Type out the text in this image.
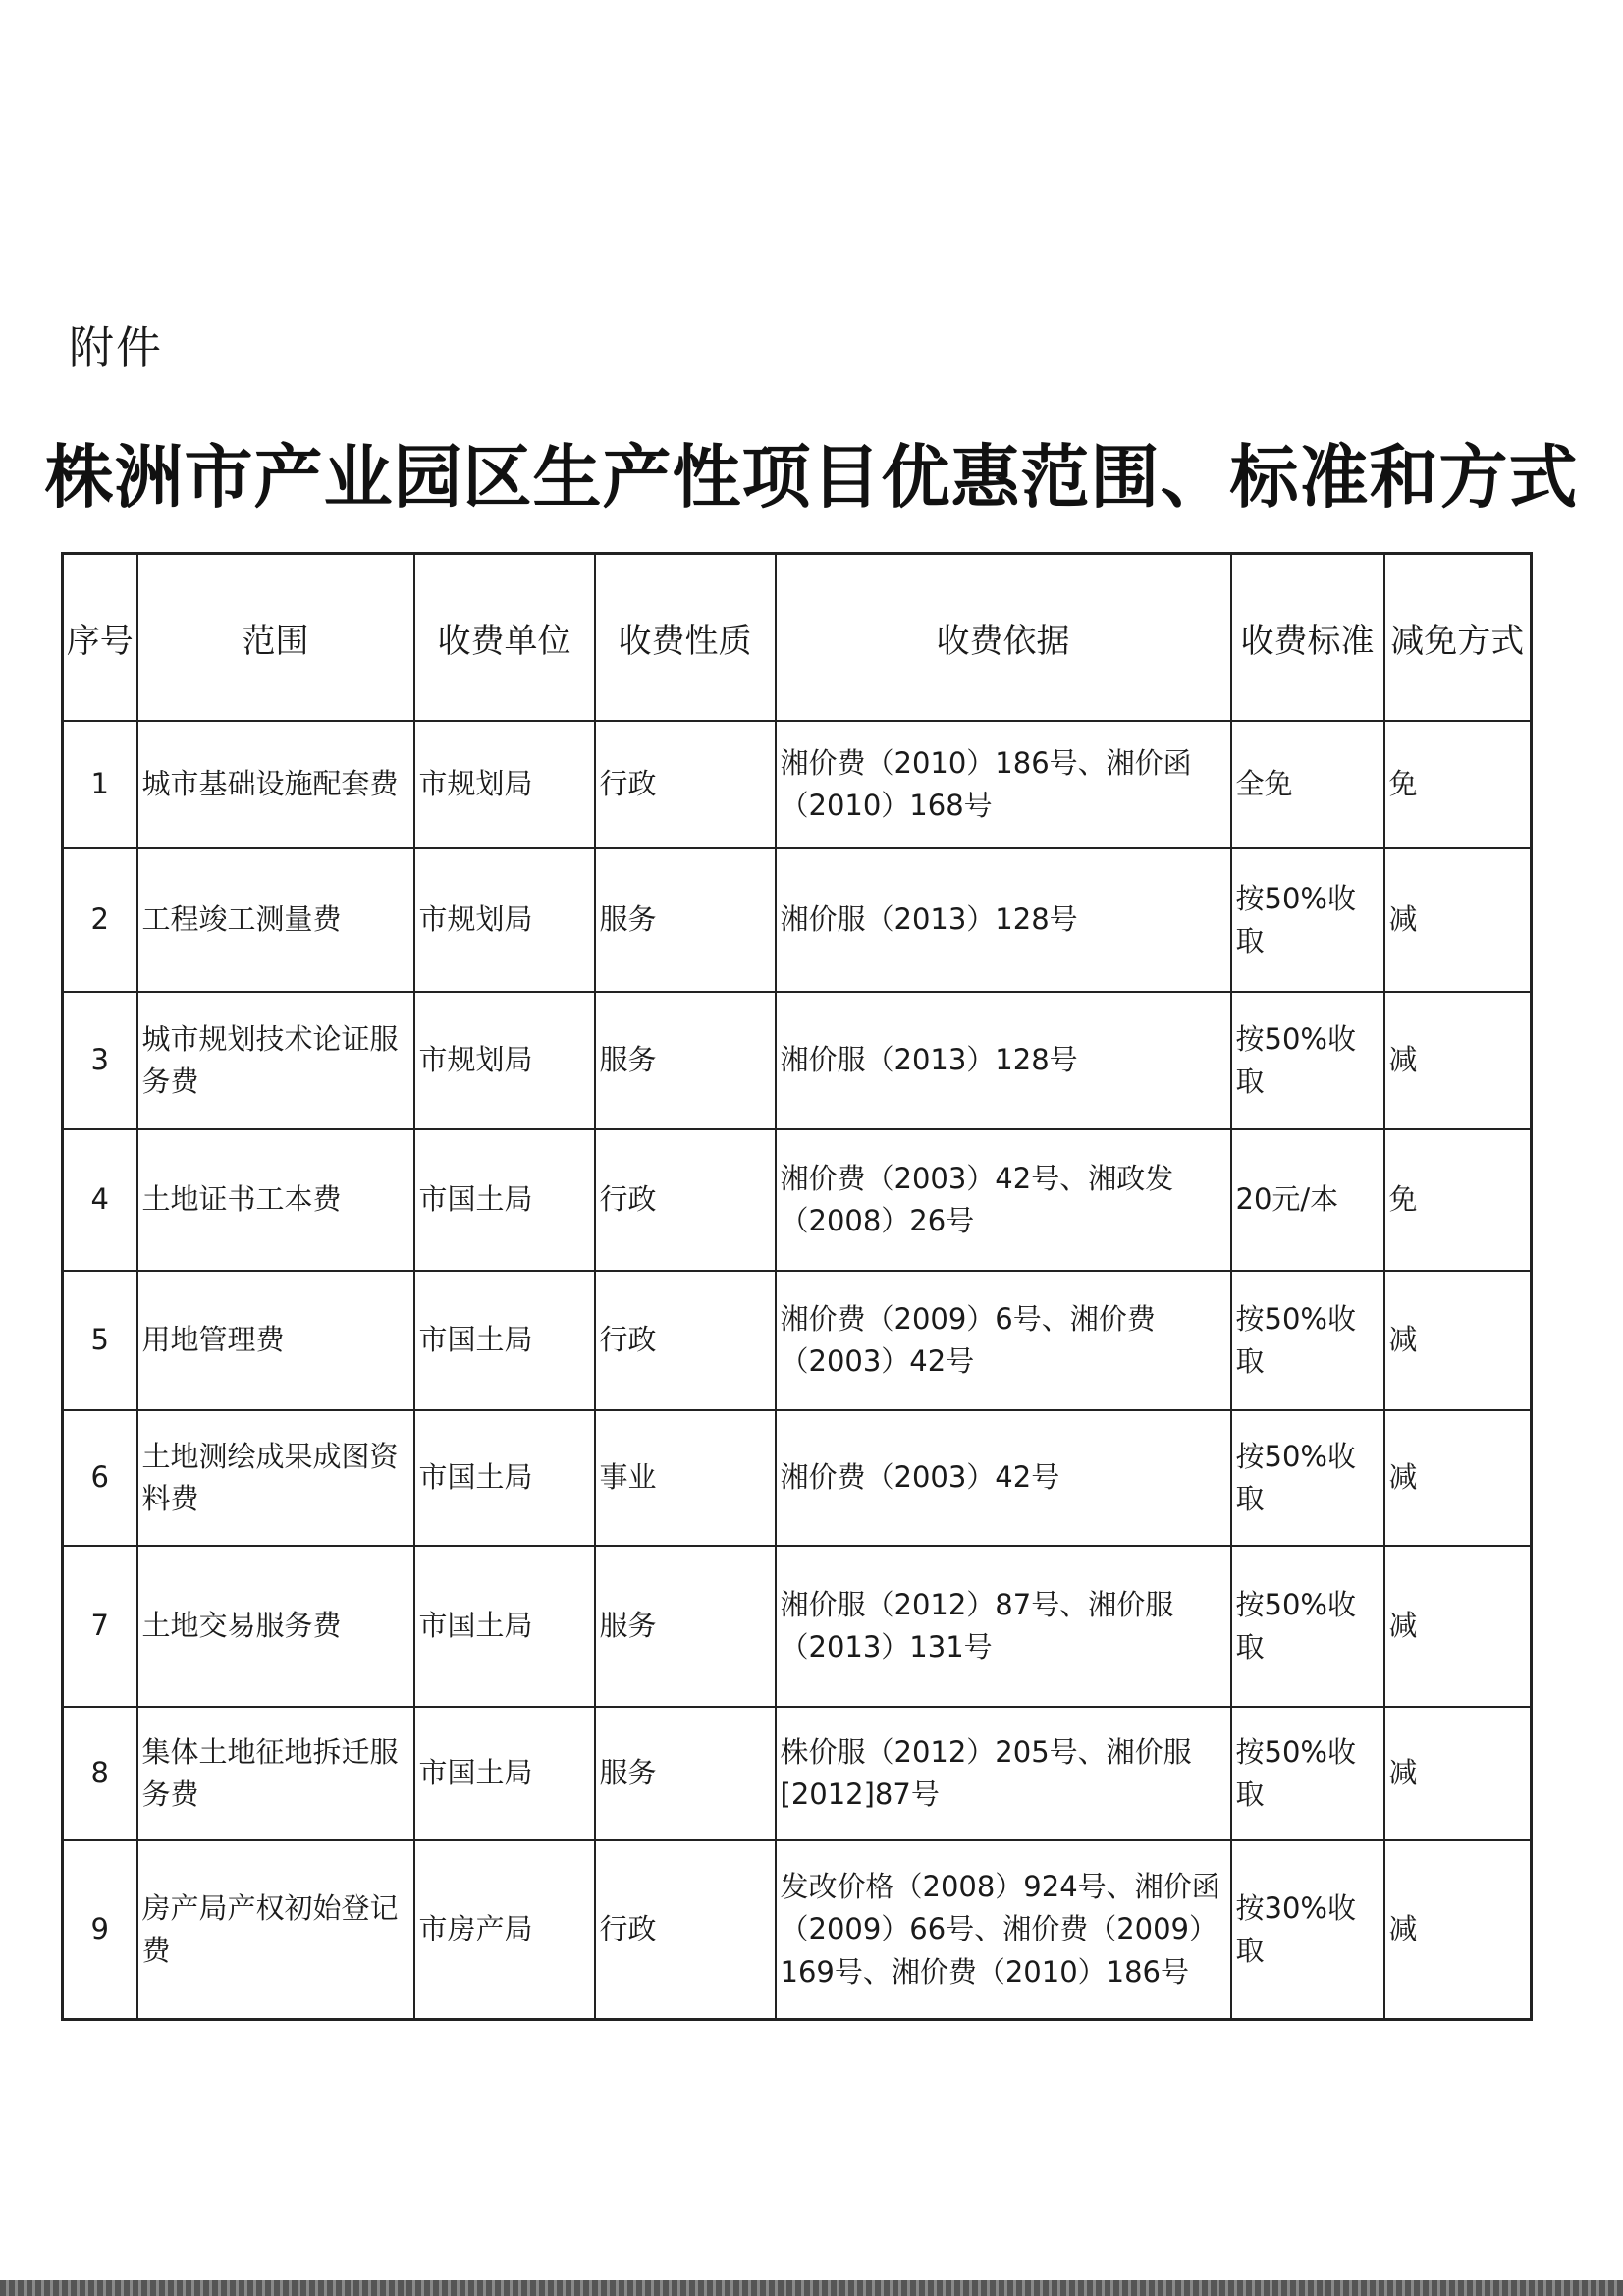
附件
株洲市产业园区生产性项目优惠范围、标准和方式
序号	范围	收费单位	收费性质	收费依据	收费标准	减免方式
1	城市基础设施配套费	市规划局	行政	湘价费（2010）186号、湘价函（2010）168号	全免	免
2	工程竣工测量费	市规划局	服务	湘价服（2013）128号	按50%收取	减
3	城市规划技术论证服务费	市规划局	服务	湘价服（2013）128号	按50%收取	减
4	土地证书工本费	市国土局	行政	湘价费（2003）42号、湘政发（2008）26号	20元/本	免
5	用地管理费	市国土局	行政	湘价费（2009）6号、湘价费（2003）42号	按50%收取	减
6	土地测绘成果成图资料费	市国土局	事业	湘价费（2003）42号	按50%收取	减
7	土地交易服务费	市国土局	服务	湘价服（2012）87号、湘价服（2013）131号	按50%收取	减
8	集体土地征地拆迁服务费	市国土局	服务	株价服（2012）205号、湘价服[2012]87号	按50%收取	减
9	房产局产权初始登记费	市房产局	行政	发改价格（2008）924号、湘价函（2009）66号、湘价费（2009）169号、湘价费（2010）186号	按30%收取	减
